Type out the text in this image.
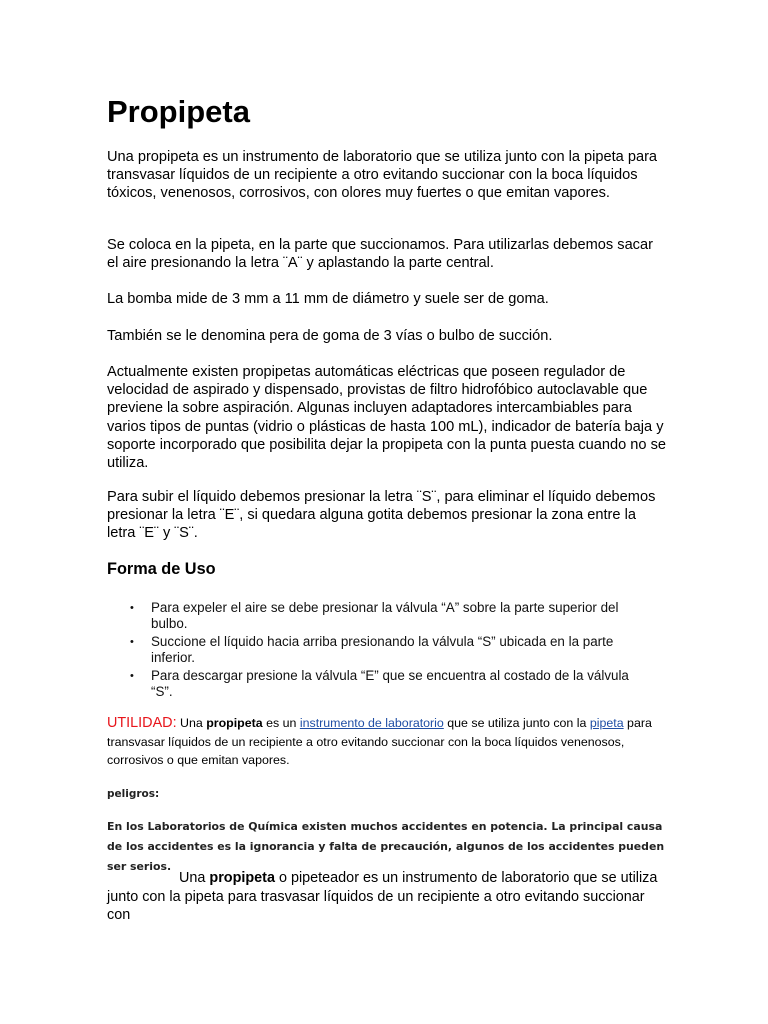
Propipeta

Una propipeta es un instrumento de laboratorio que se utiliza junto con la pipeta para transvasar líquidos de un recipiente a otro evitando succionar con la boca líquidos tóxicos, venenosos, corrosivos, con olores muy fuertes o que emitan vapores.

Se coloca en la pipeta, en la parte que succionamos. Para utilizarlas debemos sacar el aire presionando la letra ¨A¨ y aplastando la parte central.

La bomba mide de 3 mm a 11 mm de diámetro y suele ser de goma.

También se le denomina pera de goma de 3 vías o bulbo de succión.

Actualmente existen propipetas automáticas eléctricas que poseen regulador de velocidad de aspirado y dispensado, provistas de filtro hidrofóbico autoclavable que previene la sobre aspiración. Algunas incluyen adaptadores intercambiables para varios tipos de puntas (vidrio o plásticas de hasta 100 mL), indicador de batería baja y soporte incorporado que posibilita dejar la propipeta con la punta puesta cuando no se utiliza.

Para subir el líquido debemos presionar la letra ¨S¨, para eliminar el líquido debemos presionar la letra ¨E¨, si quedara alguna gotita debemos presionar la zona entre la letra ¨E¨ y ¨S¨.

Forma de Uso
• Para expeler el aire se debe presionar la válvula “A” sobre la parte superior del bulbo.
• Succione el líquido hacia arriba presionando la válvula “S” ubicada en la parte inferior.
• Para descargar presione la válvula “E” que se encuentra al costado de la válvula “S”.

UTILIDAD: Una propipeta es un instrumento de laboratorio que se utiliza junto con la pipeta para transvasar líquidos de un recipiente a otro evitando succionar con la boca líquidos venenosos, corrosivos o que emitan vapores.

peligros:

En los Laboratorios de Química existen muchos accidentes en potencia. La principal causa de los accidentes es la ignorancia y falta de precaución, algunos de los accidentes pueden ser serios.

Una propipeta o pipeteador es un instrumento de laboratorio que se utiliza junto con la pipeta para trasvasar líquidos de un recipiente a otro evitando succionar con
